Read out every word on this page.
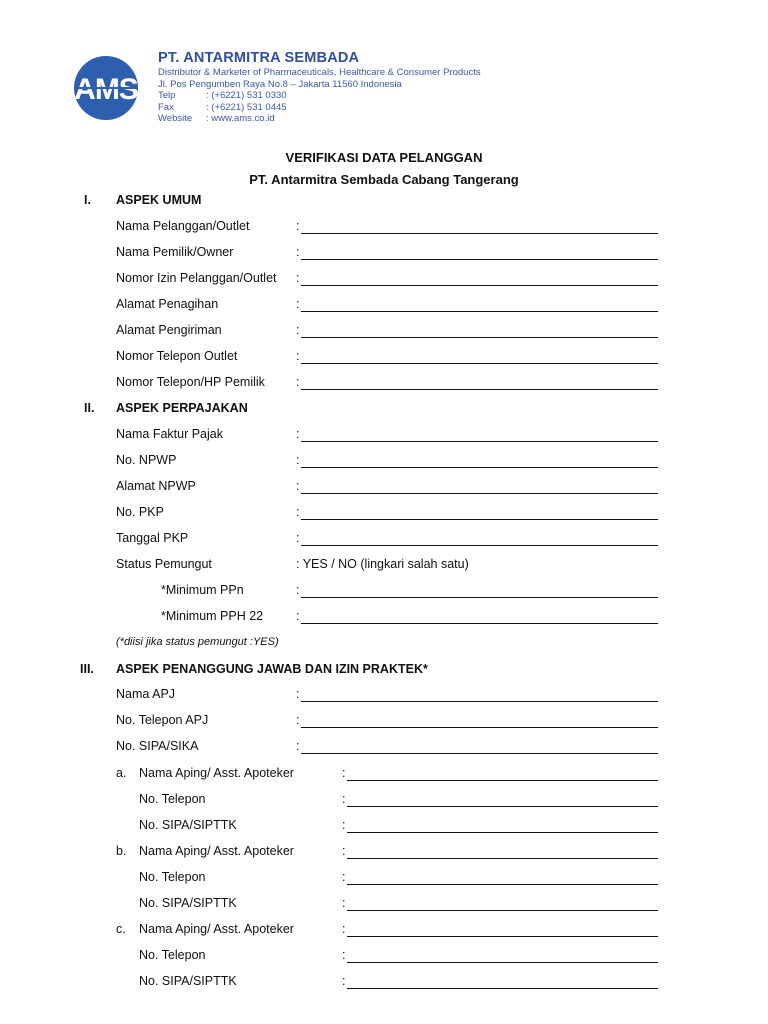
AMS
PT. ANTARMITRA SEMBADA
Distributor & Marketer of Pharmaceuticals, Healthcare & Consumer Products
Jl. Pos Pengumben Raya No.8 – Jakarta 11560 Indonesia
Telp	: (+6221) 531 0330
Fax	: (+6221) 531 0445
Website	: www.ams.co.id
VERIFIKASI DATA PELANGGAN
PT. Antarmitra Sembada Cabang Tangerang
I. ASPEK UMUM
Nama Pelanggan/Outlet	:
Nama Pemilik/Owner	:
Nomor Izin Pelanggan/Outlet :
Alamat Penagihan	:
Alamat Pengiriman	:
Nomor Telepon Outlet	:
Nomor Telepon/HP Pemilik :
II. ASPEK PERPAJAKAN
Nama Faktur Pajak	:
No. NPWP	:
Alamat NPWP	:
No. PKP	:
Tanggal PKP	:
Status Pemungut	: YES / NO (lingkari salah satu)
*Minimum PPn	:
*Minimum PPH 22	:
(*diisi jika status pemungut :YES)
III. ASPEK PENANGGUNG JAWAB DAN IZIN PRAKTEK*
Nama APJ	:
No. Telepon APJ	:
No. SIPA/SIKA	:
a. Nama Aping/ Asst. Apoteker	:
No. Telepon	:
No. SIPA/SIPTTK	:
b. Nama Aping/ Asst. Apoteker	:
No. Telepon	:
No. SIPA/SIPTTK	:
c. Nama Aping/ Asst. Apoteker	:
No. Telepon	:
No. SIPA/SIPTTK	:
